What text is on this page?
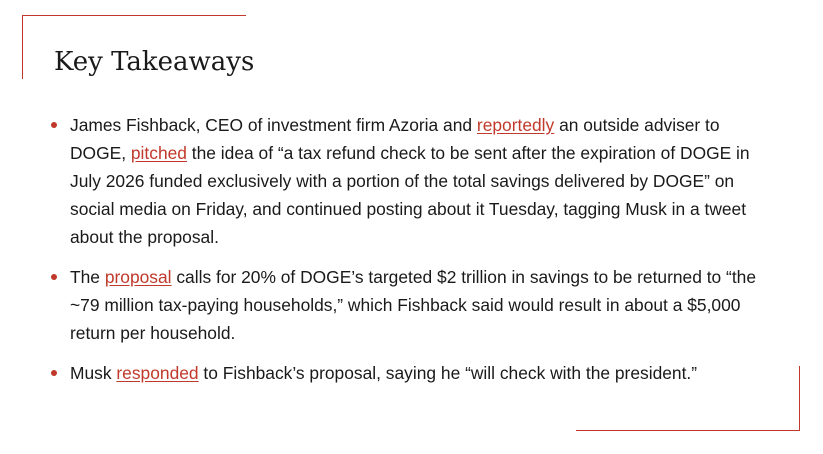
Key Takeaways
James Fishback, CEO of investment firm Azoria and reportedly an outside adviser to DOGE, pitched the idea of “a tax refund check to be sent after the expiration of DOGE in July 2026 funded exclusively with a portion of the total savings delivered by DOGE” on social media on Friday, and continued posting about it Tuesday, tagging Musk in a tweet about the proposal.
The proposal calls for 20% of DOGE’s targeted $2 trillion in savings to be returned to “the ~79 million tax-paying households,” which Fishback said would result in about a $5,000 return per household.
Musk responded to Fishback’s proposal, saying he “will check with the president.”
